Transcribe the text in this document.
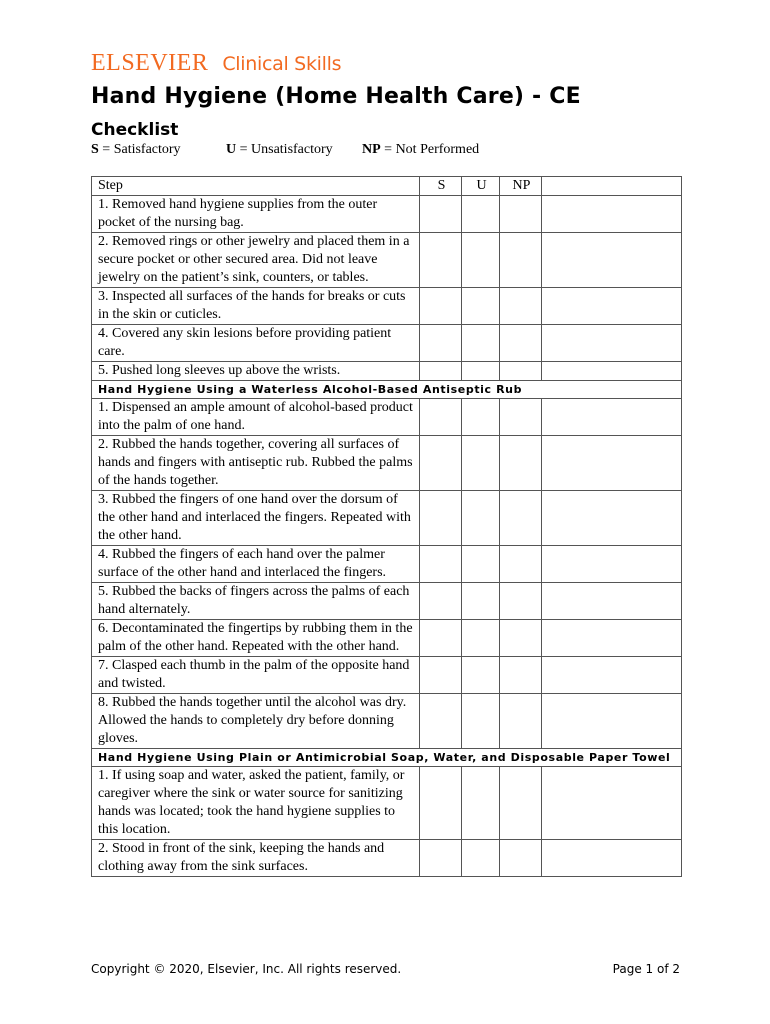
ELSEVIER Clinical Skills
Hand Hygiene (Home Health Care) - CE
Checklist
S = Satisfactory	U = Unsatisfactory NP = Not Performed
Step	S	U	NP	
1. Removed hand hygiene supplies from the outer pocket of the nursing bag.				
2. Removed rings or other jewelry and placed them in a secure pocket or other secured area. Did not leave jewelry on the patient’s sink, counters, or tables.				
3. Inspected all surfaces of the hands for breaks or cuts in the skin or cuticles.				
4. Covered any skin lesions before providing patient care.				
5. Pushed long sleeves up above the wrists.				
Hand Hygiene Using a Waterless Alcohol-Based Antiseptic Rub				
1. Dispensed an ample amount of alcohol-based product into the palm of one hand.				
2. Rubbed the hands together, covering all surfaces of hands and fingers with antiseptic rub. Rubbed the palms of the hands together.				
3. Rubbed the fingers of one hand over the dorsum of the other hand and interlaced the fingers. Repeated with the other hand.				
4. Rubbed the fingers of each hand over the palmer surface of the other hand and interlaced the fingers.				
5. Rubbed the backs of fingers across the palms of each hand alternately.				
6. Decontaminated the fingertips by rubbing them in the palm of the other hand. Repeated with the other hand.				
7. Clasped each thumb in the palm of the opposite hand and twisted.				
8. Rubbed the hands together until the alcohol was dry. Allowed the hands to completely dry before donning gloves.				
Hand Hygiene Using Plain or Antimicrobial Soap, Water, and Disposable Paper Towel				
1. If using soap and water, asked the patient, family, or caregiver where the sink or water source for sanitizing hands was located; took the hand hygiene supplies to this location.				
2. Stood in front of the sink, keeping the hands and clothing away from the sink surfaces.				
Copyright © 2020, Elsevier, Inc. All rights reserved.	Page 1 of 2
